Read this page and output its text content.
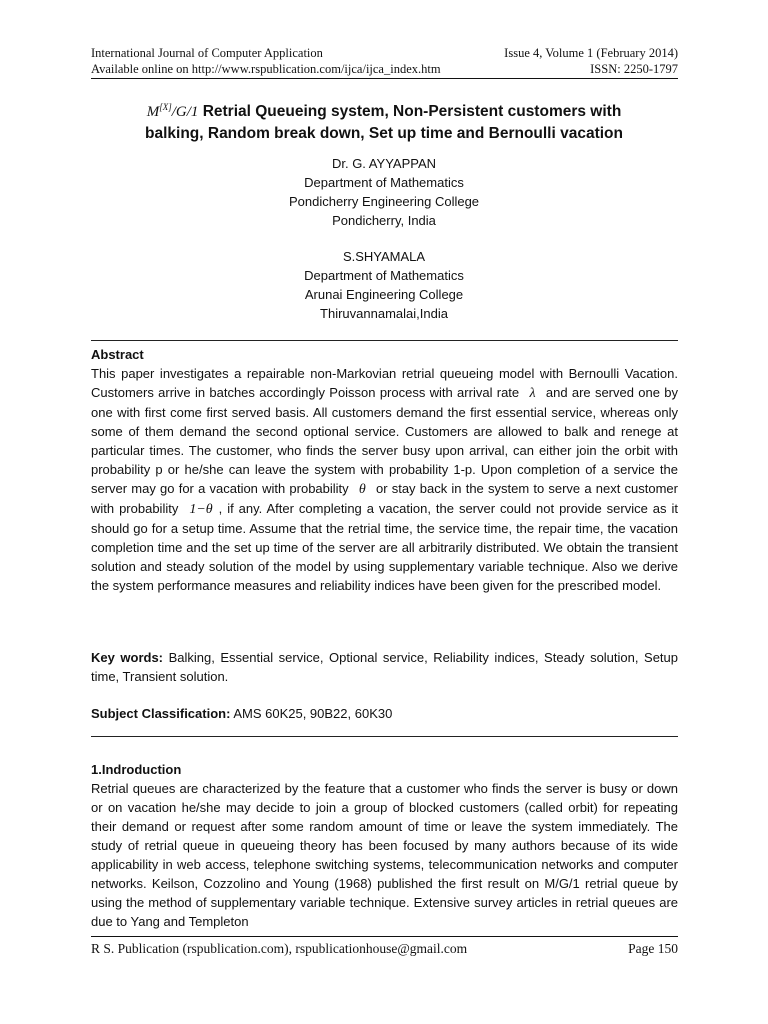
International Journal of Computer Application	Issue 4, Volume 1 (February 2014)
Available online on http://www.rspublication.com/ijca/ijca_index.htm	ISSN: 2250-1797
M[X]/G/1 Retrial Queueing system, Non-Persistent customers with
balking, Random break down, Set up time and Bernoulli vacation
Dr. G. AYYAPPAN
Department of Mathematics
Pondicherry Engineering College
Pondicherry, India
S.SHYAMALA
Department of Mathematics
Arunai Engineering College
Thiruvannamalai,India
Abstract

This paper investigates a repairable non-Markovian retrial queueing model with Bernoulli Vacation. Customers arrive in batches accordingly Poisson process with arrival rate λ and are served one by one with first come first served basis. All customers demand the first essential service, whereas only some of them demand the second optional service. Customers are allowed to balk and renege at particular times. The customer, who finds the server busy upon arrival, can either join the orbit with probability p or he/she can leave the system with probability 1-p. Upon completion of a service the server may go for a vacation with probability θ or stay back in the system to serve a next customer with probability 1−θ , if any. After completing a vacation, the server could not provide service as it should go for a setup time. Assume that the retrial time, the service time, the repair time, the vacation completion time and the set up time of the server are all arbitrarily distributed. We obtain the transient solution and steady solution of the model by using supplementary variable technique. Also we derive the system performance measures and reliability indices have been given for the prescribed model.

Key words: Balking, Essential service, Optional service, Reliability indices, Steady solution, Setup time, Transient solution.

Subject Classification: AMS 60K25, 90B22, 60K30

1.Indroduction

Retrial queues are characterized by the feature that a customer who finds the server is busy or down or on vacation he/she may decide to join a group of blocked customers (called orbit) for repeating their demand or request after some random amount of time or leave the system immediately. The study of retrial queue in queueing theory has been focused by many authors because of its wide applicability in web access, telephone switching systems, telecommunication networks and computer networks. Keilson, Cozzolino and Young (1968) published the first result on M/G/1 retrial queue by using the method of supplementary variable technique. Extensive survey articles in retrial queues are due to Yang and Templeton

R S. Publication (rspublication.com), rspublicationhouse@gmail.com	Page 150
